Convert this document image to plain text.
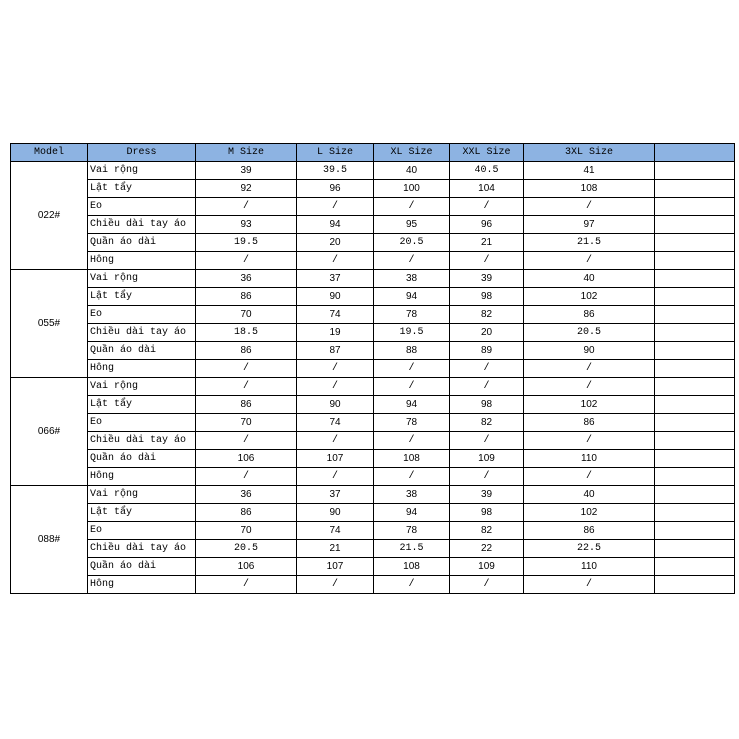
Model	Dress	M Size	L Size	XL Size	XXL Size	3XL Size	
022#	Vai rộng	39	39.5	40	40.5	41	
	Lật tẩy	92	96	100	104	108	
	Eo	/	/	/	/	/	
	Chiều dài tay áo	93	94	95	96	97	
	Quần áo dài	19.5	20	20.5	21	21.5	
	Hông	/	/	/	/	/	
055#	Vai rộng	36	37	38	39	40	
	Lật tẩy	86	90	94	98	102	
	Eo	70	74	78	82	86	
	Chiều dài tay áo	18.5	19	19.5	20	20.5	
	Quần áo dài	86	87	88	89	90	
	Hông	/	/	/	/	/	
066#	Vai rộng	/	/	/	/	/	
	Lật tẩy	86	90	94	98	102	
	Eo	70	74	78	82	86	
	Chiều dài tay áo	/	/	/	/	/	
	Quần áo dài	106	107	108	109	110	
	Hông	/	/	/	/	/	
088#	Vai rộng	36	37	38	39	40	
	Lật tẩy	86	90	94	98	102	
	Eo	70	74	78	82	86	
	Chiều dài tay áo	20.5	21	21.5	22	22.5	
	Quần áo dài	106	107	108	109	110	
	Hông	/	/	/	/	/	
